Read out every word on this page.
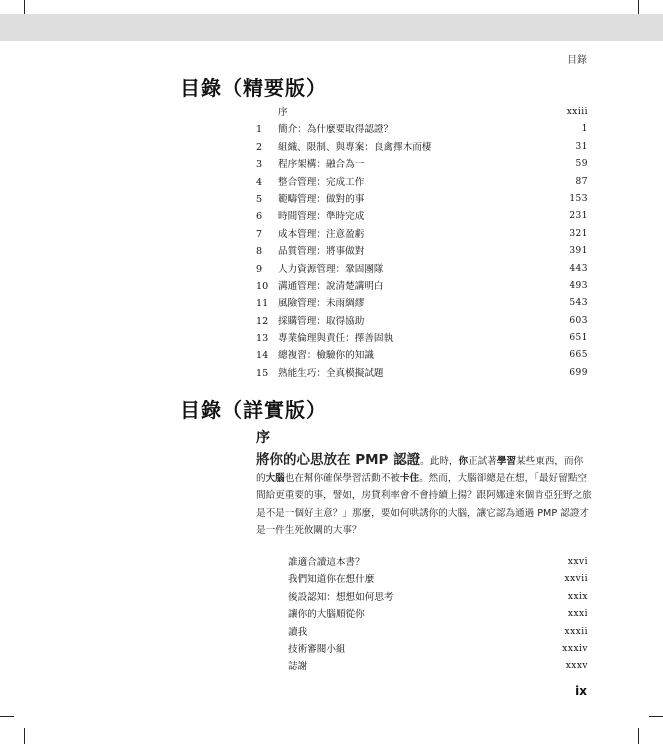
目錄
目錄（精要版）
序	xxiii
1	簡介：為什麼要取得認證？	1
2	組織、限制、與專案：良禽擇木而棲	31
3	程序架構：融合為一	59
4	整合管理：完成工作	87
5	範疇管理：做對的事	153
6	時間管理：準時完成	231
7	成本管理：注意盈虧	321
8	品質管理：將事做對	391
9	人力資源管理：鞏固團隊	443
10	溝通管理：說清楚講明白	493
11	風險管理：未雨綢繆	543
12	採購管理：取得協助	603
13	專業倫理與責任：擇善固執	651
14	總複習：檢驗你的知識	665
15	熟能生巧：全真模擬試題	699
目錄（詳實版）
序
將你的心思放在 PMP 認證。此時，你正試著學習某些東西，而你的大腦也在幫你確保學習活動不被卡住。然而，大腦卻總是在想，「最好留點空間給更重要的事，譬如，房貸利率會不會持續上揚？跟阿娜達來個肯亞狂野之旅是不是一個好主意？」那麼，要如何哄誘你的大腦，讓它認為通過 PMP 認證才是一件生死攸關的大事？
誰適合讀這本書？	xxvi
我們知道你在想什麼	xxvii
後設認知：想想如何思考	xxix
讓你的大腦順從你	xxxi
讀我	xxxii
技術審閱小組	xxxiv
誌謝	xxxv
ix
